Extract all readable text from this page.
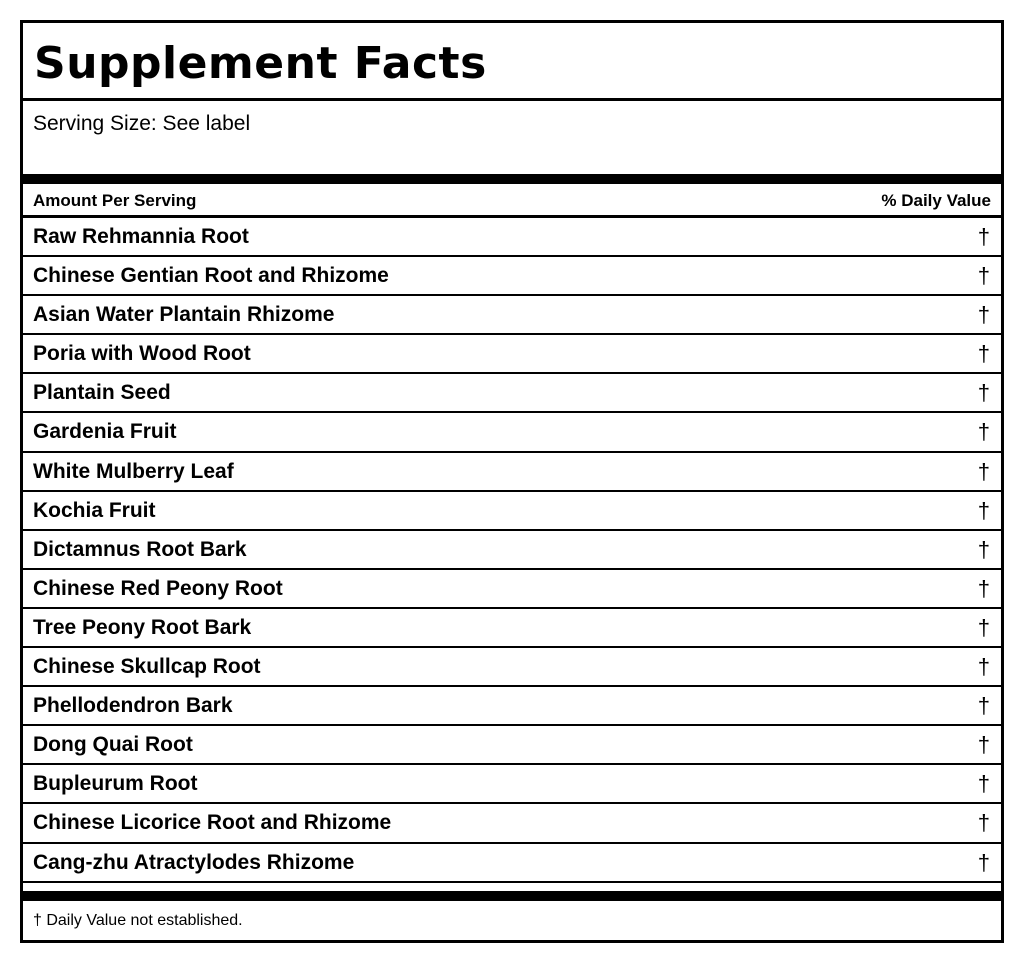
Supplement Facts
Serving Size: See label
Amount Per Serving	% Daily Value
Raw Rehmannia Root	†
Chinese Gentian Root and Rhizome	†
Asian Water Plantain Rhizome	†
Poria with Wood Root	†
Plantain Seed	†
Gardenia Fruit	†
White Mulberry Leaf	†
Kochia Fruit	†
Dictamnus Root Bark	†
Chinese Red Peony Root	†
Tree Peony Root Bark	†
Chinese Skullcap Root	†
Phellodendron Bark	†
Dong Quai Root	†
Bupleurum Root	†
Chinese Licorice Root and Rhizome	†
Cang-zhu Atractylodes Rhizome	†
† Daily Value not established.
